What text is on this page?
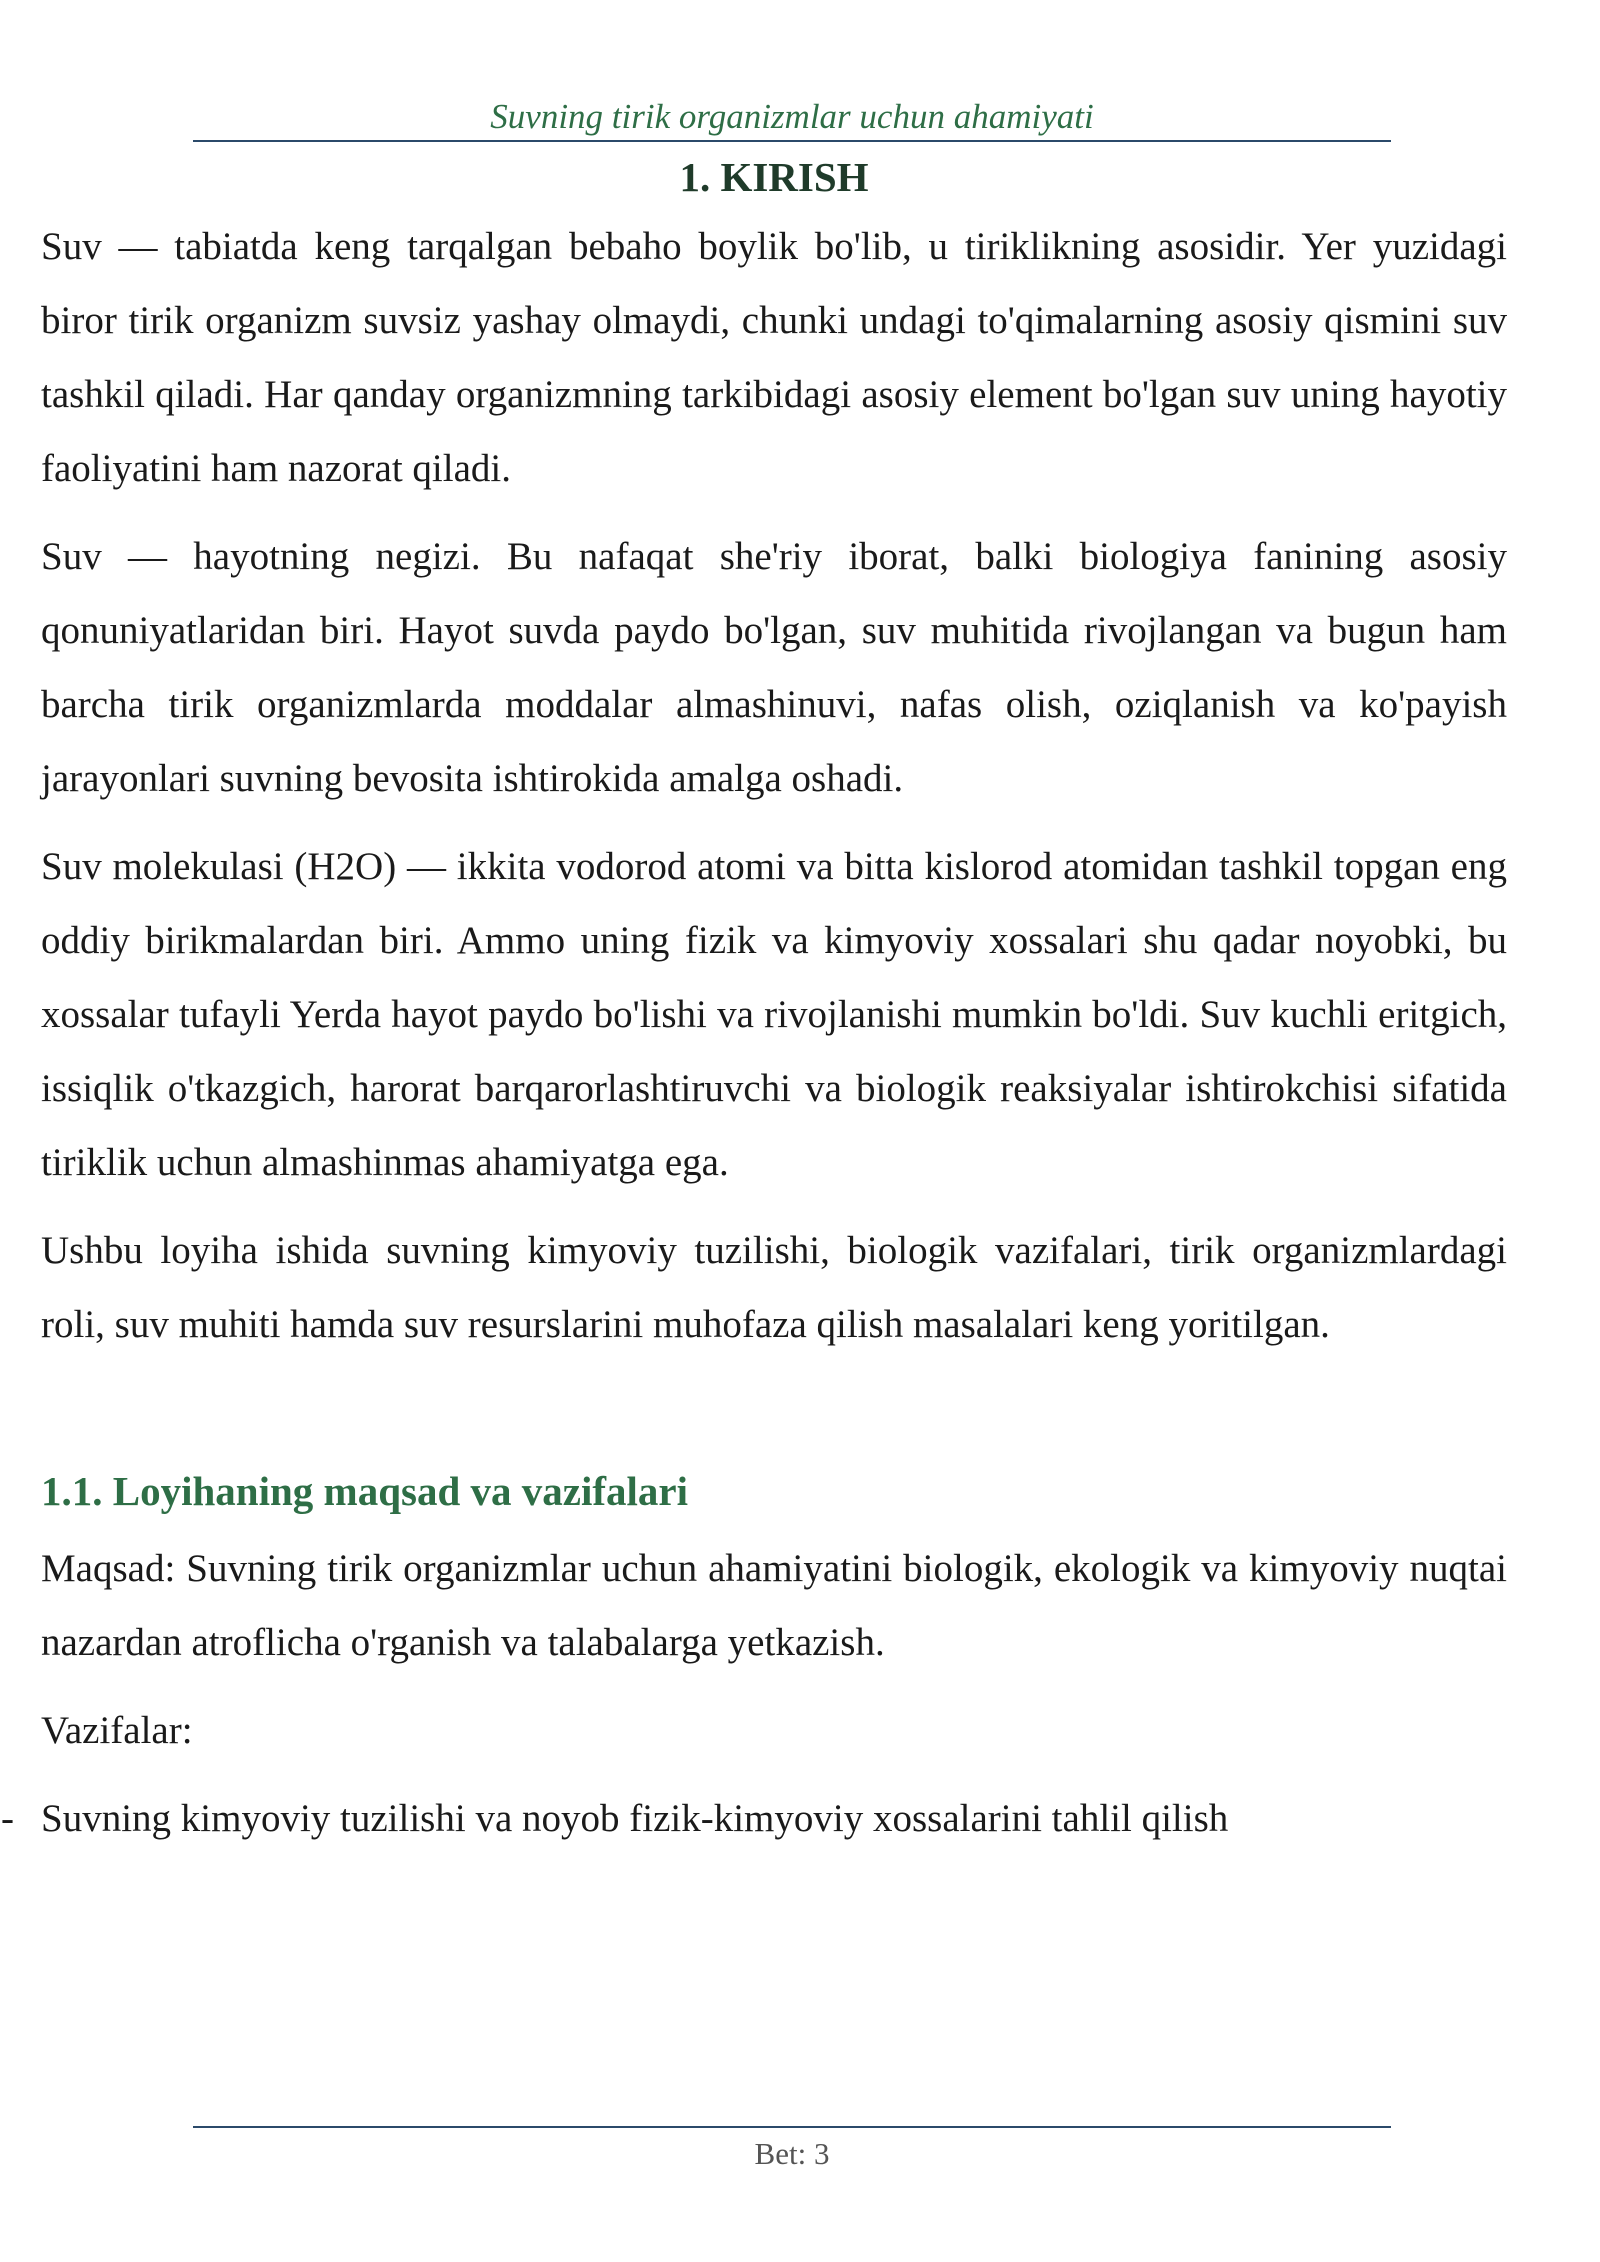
Suvning tirik organizmlar uchun ahamiyati
1. KIRISH

Suv — tabiatda keng tarqalgan bebaho boylik bo'lib, u tiriklikning asosidir. Yer yuzidagi biror tirik organizm suvsiz yashay olmaydi, chunki undagi to'qimalarning asosiy qismini suv tashkil qiladi. Har qanday organizmning tarkibidagi asosiy element bo'lgan suv uning hayotiy faoliyatini ham nazorat qiladi.

Suv — hayotning negizi. Bu nafaqat she'riy iborat, balki biologiya fanining asosiy qonuniyatlaridan biri. Hayot suvda paydo bo'lgan, suv muhitida rivojlangan va bugun ham barcha tirik organizmlarda moddalar almashinuvi, nafas olish, oziqlanish va ko'payish jarayonlari suvning bevosita ishtirokida amalga oshadi.

Suv molekulasi (H2O) — ikkita vodorod atomi va bitta kislorod atomidan tashkil topgan eng oddiy birikmalardan biri. Ammo uning fizik va kimyoviy xossalari shu qadar noyobki, bu xossalar tufayli Yerda hayot paydo bo'lishi va rivojlanishi mumkin bo'ldi. Suv kuchli eritgich, issiqlik o'tkazgich, harorat barqarorlashtiruvchi va biologik reaksiyalar ishtirokchisi sifatida tiriklik uchun almashinmas ahamiyatga ega.

Ushbu loyiha ishida suvning kimyoviy tuzilishi, biologik vazifalari, tirik organizmlardagi roli, suv muhiti hamda suv resurslarini muhofaza qilish masalalari keng yoritilgan.

1.1. Loyihaning maqsad va vazifalari

Maqsad: Suvning tirik organizmlar uchun ahamiyatini biologik, ekologik va kimyoviy nuqtai nazardan atroflicha o'rganish va talabalarga yetkazish.

Vazifalar:

- Suvning kimyoviy tuzilishi va noyob fizik-kimyoviy xossalarini tahlil qilish
Bet: 3
